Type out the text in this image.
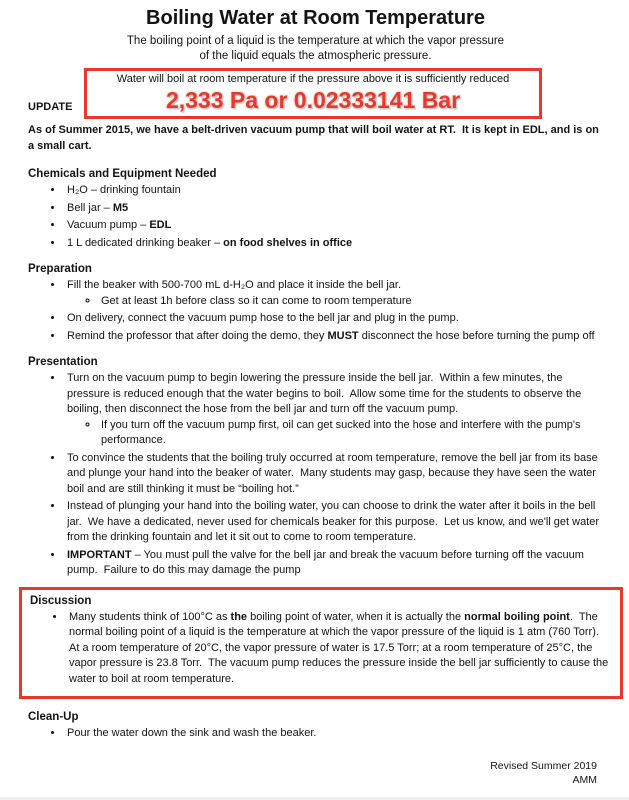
Boiling Water at Room Temperature
The boiling point of a liquid is the temperature at which the vapor pressure
of the liquid equals the atmospheric pressure.
UPDATE
Water will boil at room temperature if the pressure above it is sufficiently reduced
2,333 Pa or 0.02333141 Bar

As of Summer 2015, we have a belt-driven vacuum pump that will boil water at RT.  It is kept in EDL, and is on a small cart.

Chemicals and Equipment Needed
• H₂O – drinking fountain
• Bell jar – M5
• Vacuum pump – EDL
• 1 L dedicated drinking beaker – on food shelves in office
Preparation
• Fill the beaker with 500-700 mL d-H₂O and place it inside the bell jar.
◦ Get at least 1h before class so it can come to room temperature
• On delivery, connect the vacuum pump hose to the bell jar and plug in the pump.
• Remind the professor that after doing the demo, they MUST disconnect the hose before turning the pump off
Presentation
• Turn on the vacuum pump to begin lowering the pressure inside the bell jar.  Within a few minutes, the pressure is reduced enough that the water begins to boil.  Allow some time for the students to observe the boiling, then disconnect the hose from the bell jar and turn off the vacuum pump.
◦ If you turn off the vacuum pump first, oil can get sucked into the hose and interfere with the pump's performance.
• To convince the students that the boiling truly occurred at room temperature, remove the bell jar from its base and plunge your hand into the beaker of water.  Many students may gasp, because they have seen the water boil and are still thinking it must be “boiling hot.”
• Instead of plunging your hand into the boiling water, you can choose to drink the water after it boils in the bell jar.  We have a dedicated, never used for chemicals beaker for this purpose.  Let us know, and we'll get water from the drinking fountain and let it sit out to come to room temperature.
• IMPORTANT – You must pull the valve for the bell jar and break the vacuum before turning off the vacuum pump.  Failure to do this may damage the pump
Discussion
• Many students think of 100°C as the boiling point of water, when it is actually the normal boiling point.  The normal boiling point of a liquid is the temperature at which the vapor pressure of the liquid is 1 atm (760 Torr).  At a room temperature of 20°C, the vapor pressure of water is 17.5 Torr; at a room temperature of 25°C, the vapor pressure is 23.8 Torr.  The vacuum pump reduces the pressure inside the bell jar sufficiently to cause the water to boil at room temperature.
Clean-Up
• Pour the water down the sink and wash the beaker.
Revised Summer 2019
AMM
